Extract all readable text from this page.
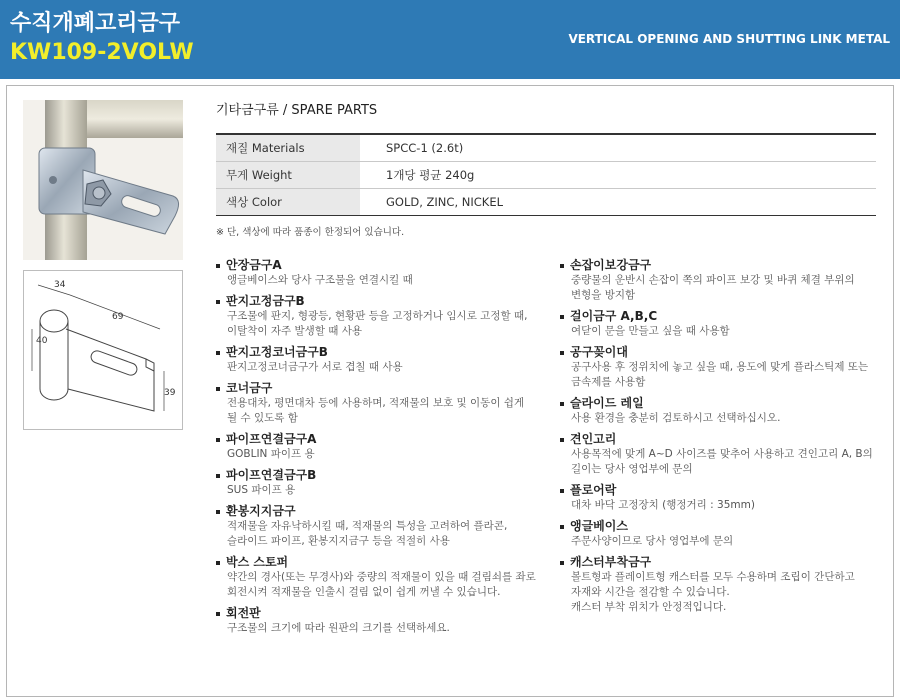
수직개폐고리금구
KW109-2VOLW
VERTICAL OPENING AND SHUTTING LINK METAL
34
69
40
39
기타금구류 / SPARE PARTS
재질 Materials	SPCC-1 (2.6t)
무게 Weight	1개당 평균 240g
색상 Color	GOLD, ZINC, NICKEL
※ 단, 색상에 따라 품종이 한정되어 있습니다.
안장금구A
앵글베이스와 당사 구조물을 연결시킬 때
판지고정금구B
구조물에 판지, 형광등, 현황판 등을 고정하거나 임시로 고정할 때,
이탈착이 자주 발생할 때 사용
판지고정코너금구B
판지고정코너금구가 서로 겹칠 때 사용
코너금구
전용대차, 평면대차 등에 사용하며, 적재물의 보호 및 이동이 쉽게
될 수 있도록 함
파이프연결금구A
GOBLIN 파이프 용
파이프연결금구B
SUS 파이프 용
환봉지지금구
적재물을 자유낙하시킬 때, 적재물의 특성을 고려하여 플라콘,
슬라이드 파이프, 환봉지지금구 등을 적절히 사용
박스 스토퍼
약간의 경사(또는 무경사)와 중량의 적재물이 있을 때 걸림쇠를 좌로
회전시켜 적재물을 인출시 걸림 없이 쉽게 꺼낼 수 있습니다.
회전판
구조물의 크기에 따라 원판의 크기를 선택하세요.
손잡이보강금구
중량물의 운반시 손잡이 쪽의 파이프 보강 및 바퀴 체결 부위의
변형을 방지함
걸이금구 A,B,C
여닫이 문을 만들고 싶을 때 사용함
공구꽂이대
공구사용 후 정위치에 놓고 싶을 때, 용도에 맞게 플라스틱제 또는
금속제를 사용함
슬라이드 레일
사용 환경을 충분히 검토하시고 선택하십시오.
견인고리
사용목적에 맞게 A~D 사이즈를 맞추어 사용하고 견인고리 A, B의
길이는 당사 영업부에 문의
플로어락
대차 바닥 고정장치 (행정거리 : 35mm)
앵글베이스
주문사양이므로 당사 영업부에 문의
캐스터부착금구
볼트형과 플레이트형 캐스터를 모두 수용하며 조립이 간단하고
자재와 시간을 절감할 수 있습니다.
캐스터 부착 위치가 안정적입니다.
